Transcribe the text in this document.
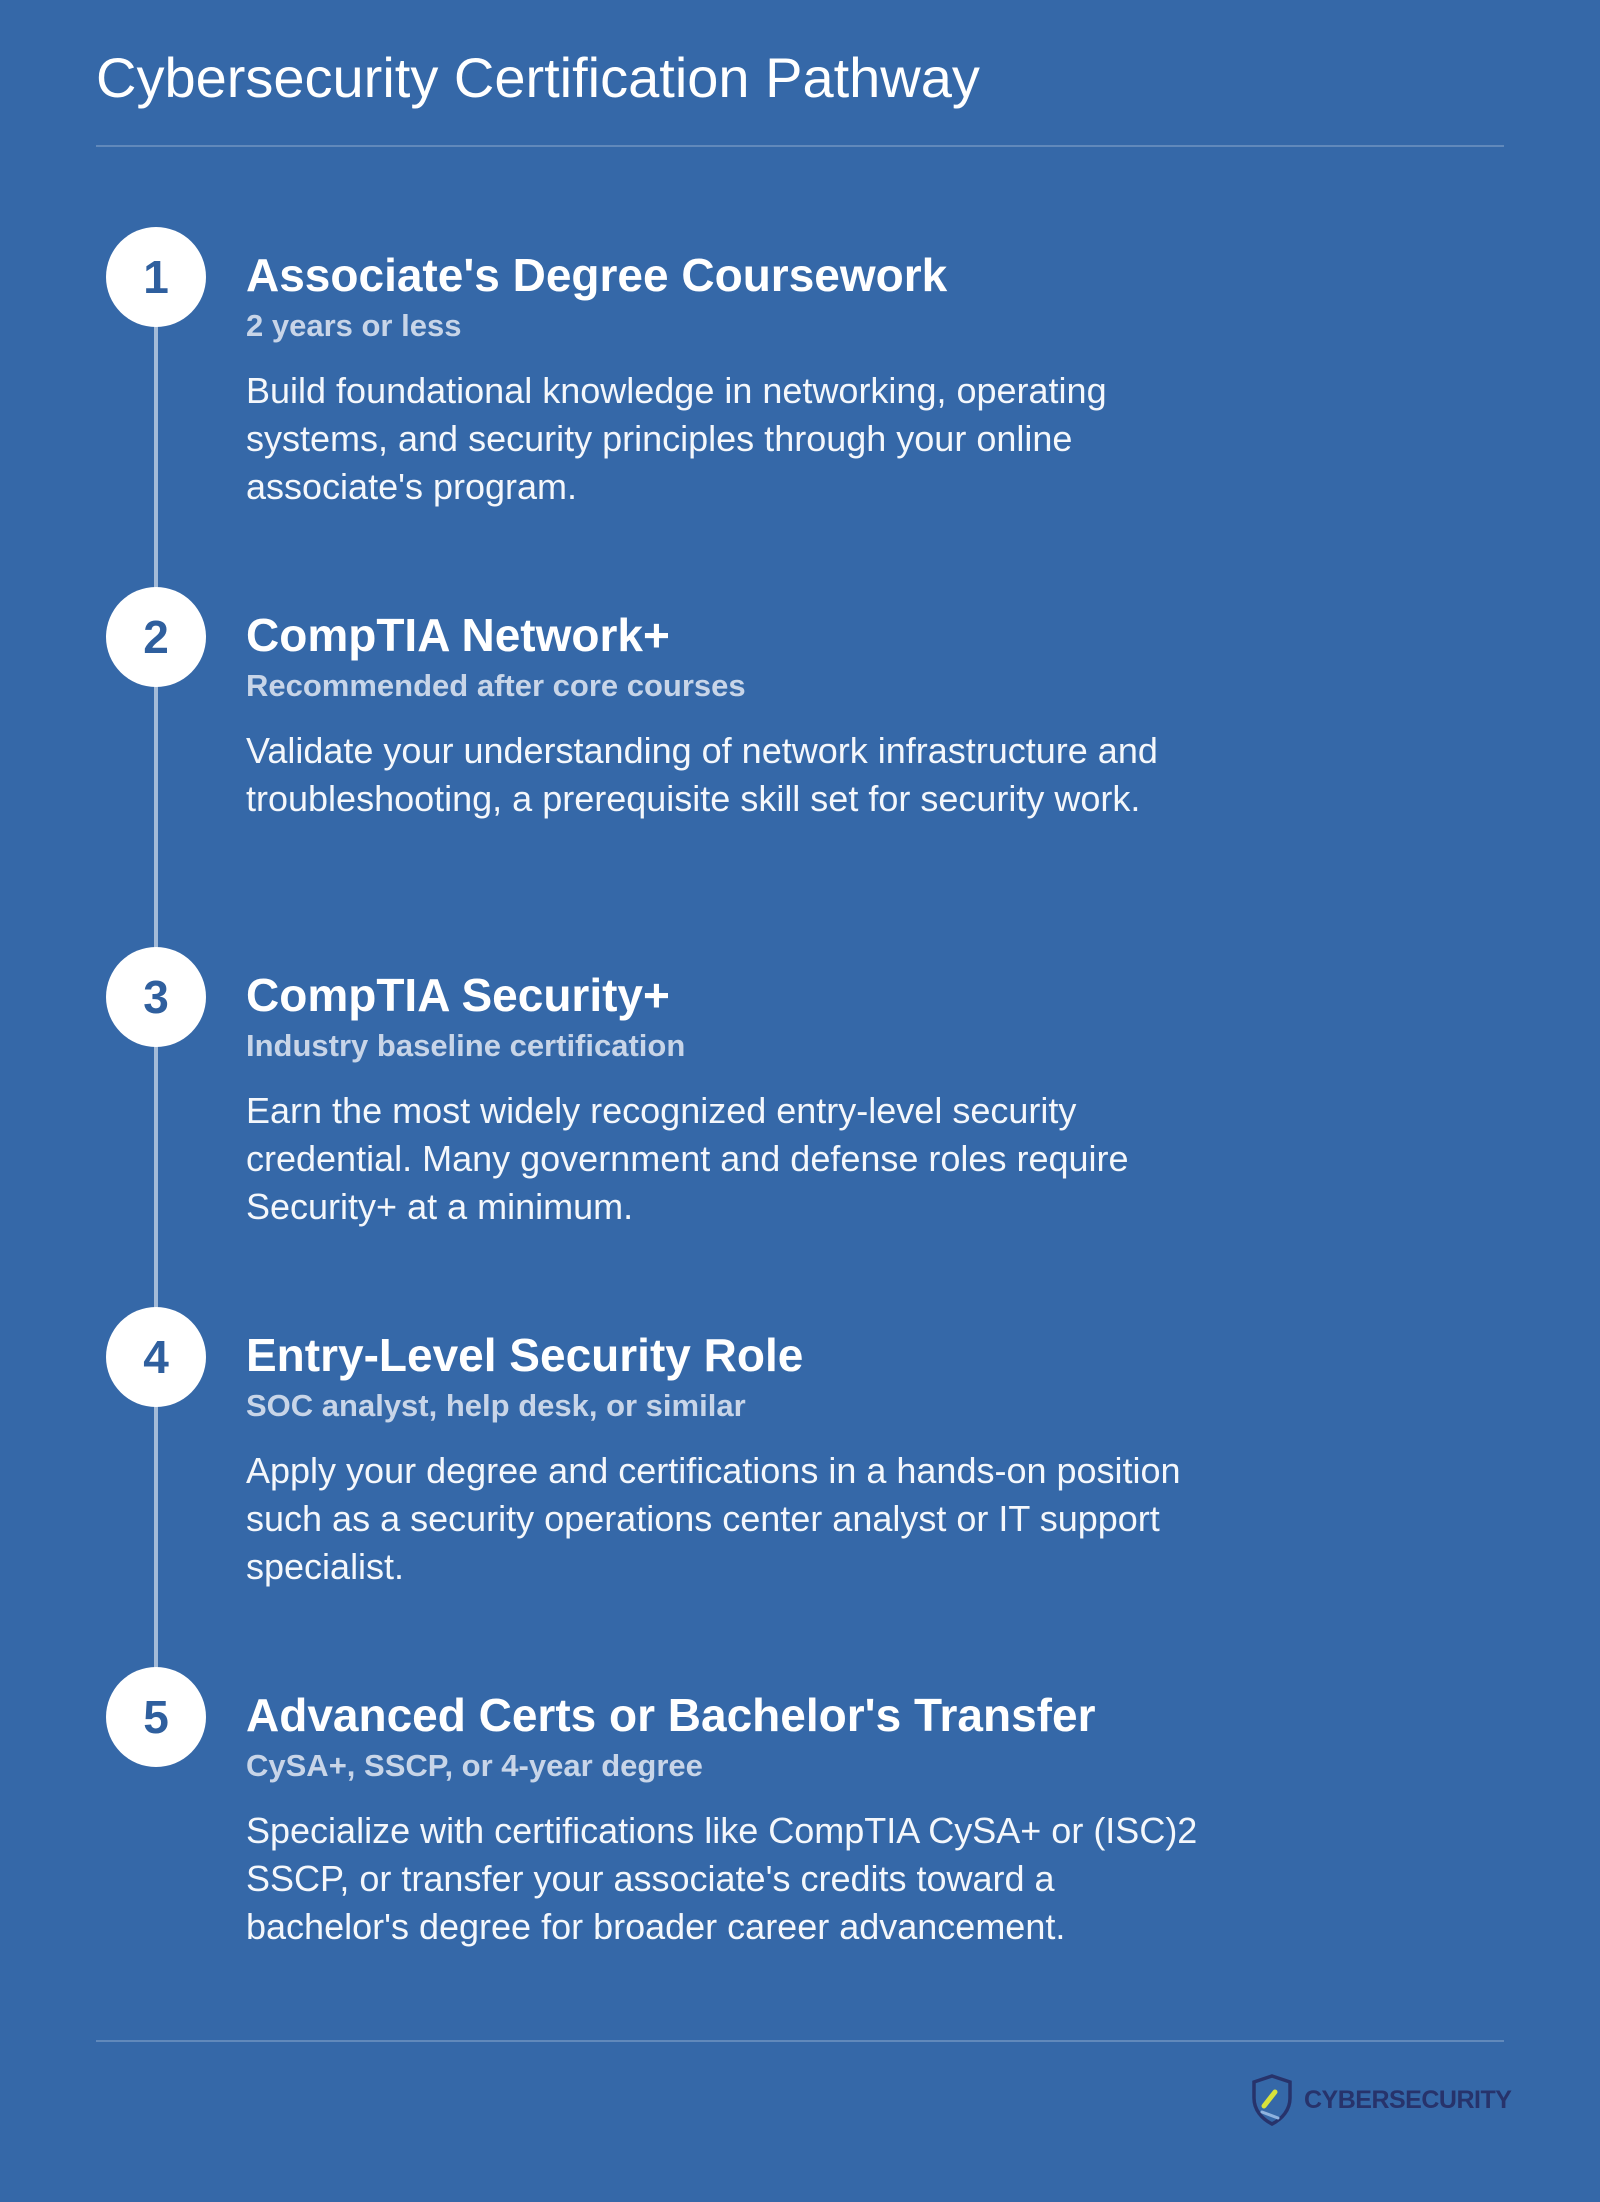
Cybersecurity Certification Pathway
1	Associate's Degree Coursework
2 years or less

Build foundational knowledge in networking, operating systems, and security principles through your online associate's program.

2	CompTIA Network+
Recommended after core courses

Validate your understanding of network infrastructure and troubleshooting, a prerequisite skill set for security work.

3	CompTIA Security+
Industry baseline certification

Earn the most widely recognized entry-level security credential. Many government and defense roles require Security+ at a minimum.

4	Entry-Level Security Role
SOC analyst, help desk, or similar

Apply your degree and certifications in a hands-on position such as a security operations center analyst or IT support specialist.

5	Advanced Certs or Bachelor's Transfer
CySA+, SSCP, or 4-year degree

Specialize with certifications like CompTIA CySA+ or (ISC)2 SSCP, or transfer your associate's credits toward a bachelor's degree for broader career advancement.

CYBERSECURITY
